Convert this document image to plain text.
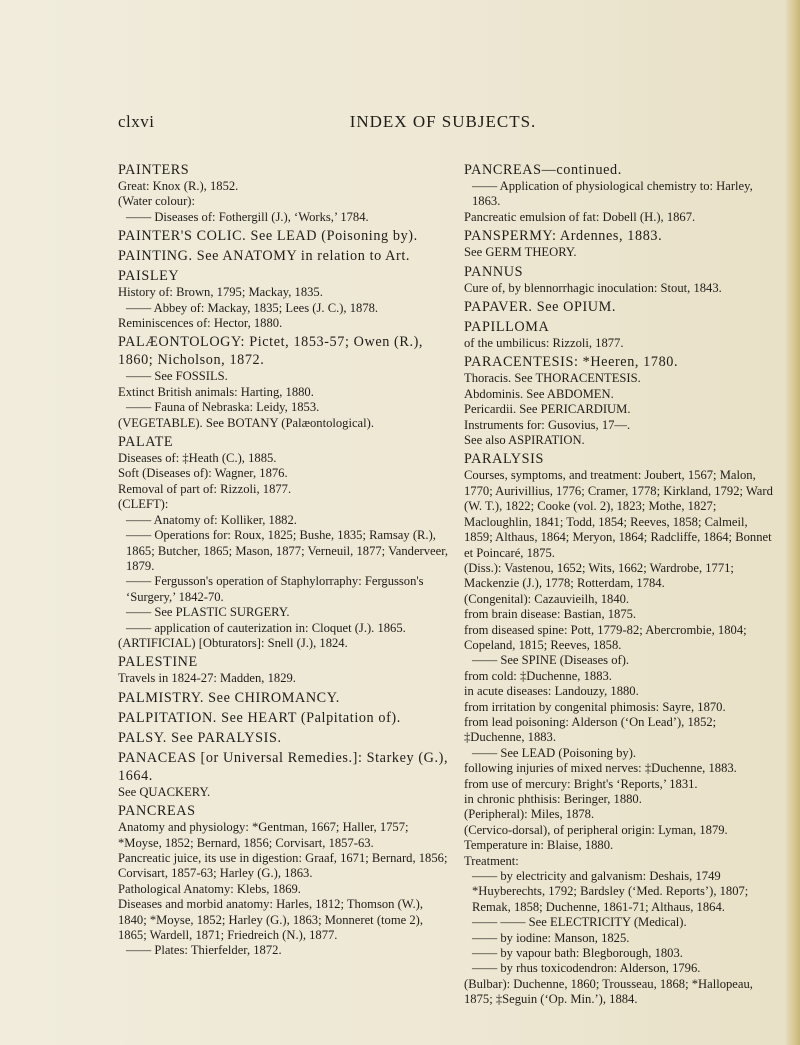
clxvi	INDEX OF SUBJECTS.
PAINTERS
Great: Knox (R.), 1852.
(Water colour):
—— Diseases of: Fothergill (J.), ‘Works,’ 1784.
PAINTER'S COLIC. See LEAD (Poisoning by).
PAINTING. See ANATOMY in relation to Art.
PAISLEY
History of: Brown, 1795; Mackay, 1835.
—— Abbey of: Mackay, 1835; Lees (J. C.), 1878.
Reminiscences of: Hector, 1880.
PALÆONTOLOGY: Pictet, 1853-57; Owen (R.), 1860; Nicholson, 1872.
—— See FOSSILS.
Extinct British animals: Harting, 1880.
—— Fauna of Nebraska: Leidy, 1853.
(VEGETABLE). See BOTANY (Palæontological).
PALATE
Diseases of: ‡Heath (C.), 1885.
Soft (Diseases of): Wagner, 1876.
Removal of part of: Rizzoli, 1877.
(CLEFT):
—— Anatomy of: Kolliker, 1882.
—— Operations for: Roux, 1825; Bushe, 1835; Ramsay (R.), 1865; Butcher, 1865; Mason, 1877; Verneuil, 1877; Vanderveer, 1879.
—— Fergusson's operation of Staphylorraphy: Fergusson's ‘Surgery,’ 1842-70.
—— See PLASTIC SURGERY.
—— application of cauterization in: Cloquet (J.). 1865.
(ARTIFICIAL) [Obturators]: Snell (J.), 1824.
PALESTINE
Travels in 1824-27: Madden, 1829.
PALMISTRY. See CHIROMANCY.
PALPITATION. See HEART (Palpitation of).
PALSY. See PARALYSIS.
PANACEAS [or Universal Remedies.]: Starkey (G.), 1664.
See QUACKERY.
PANCREAS
Anatomy and physiology: *Gentman, 1667; Haller, 1757; *Moyse, 1852; Bernard, 1856; Corvisart, 1857-63.
Pancreatic juice, its use in digestion: Graaf, 1671; Bernard, 1856; Corvisart, 1857-63; Harley (G.), 1863.
Pathological Anatomy: Klebs, 1869.
Diseases and morbid anatomy: Harles, 1812; Thomson (W.), 1840; *Moyse, 1852; Harley (G.), 1863; Monneret (tome 2), 1865; Wardell, 1871; Friedreich (N.), 1877.
—— Plates: Thierfelder, 1872.
PANCREAS—continued.
—— Application of physiological chemistry to: Harley, 1863.
Pancreatic emulsion of fat: Dobell (H.), 1867.
PANSPERMY: Ardennes, 1883.
See GERM THEORY.
PANNUS
Cure of, by blennorrhagic inoculation: Stout, 1843.
PAPAVER. See OPIUM.
PAPILLOMA
of the umbilicus: Rizzoli, 1877.
PARACENTESIS: *Heeren, 1780.
Thoracis. See THORACENTESIS.
Abdominis. See ABDOMEN.
Pericardii. See PERICARDIUM.
Instruments for: Gusovius, 17—.
See also ASPIRATION.
PARALYSIS
Courses, symptoms, and treatment: Joubert, 1567; Malon, 1770; Aurivillius, 1776; Cramer, 1778; Kirkland, 1792; Ward (W. T.), 1822; Cooke (vol. 2), 1823; Mothe, 1827; Macloughlin, 1841; Todd, 1854; Reeves, 1858; Calmeil, 1859; Althaus, 1864; Meryon, 1864; Radcliffe, 1864; Bonnet et Poincaré, 1875.
(Diss.): Vastenou, 1652; Wits, 1662; Wardrobe, 1771; Mackenzie (J.), 1778; Rotterdam, 1784.
(Congenital): Cazauvieilh, 1840.
from brain disease: Bastian, 1875.
from diseased spine: Pott, 1779-82; Abercrombie, 1804; Copeland, 1815; Reeves, 1858.
—— See SPINE (Diseases of).
from cold: ‡Duchenne, 1883.
in acute diseases: Landouzy, 1880.
from irritation by congenital phimosis: Sayre, 1870.
from lead poisoning: Alderson (‘On Lead’), 1852; ‡Duchenne, 1883.
—— See LEAD (Poisoning by).
following injuries of mixed nerves: ‡Duchenne, 1883.
from use of mercury: Bright's ‘Reports,’ 1831.
in chronic phthisis: Beringer, 1880.
(Peripheral): Miles, 1878.
(Cervico-dorsal), of peripheral origin: Lyman, 1879.
Temperature in: Blaise, 1880.
Treatment:
—— by electricity and galvanism: Deshais, 1749 *Huyberechts, 1792; Bardsley (‘Med. Reports’), 1807; Remak, 1858; Duchenne, 1861-71; Althaus, 1864.
—— —— See ELECTRICITY (Medical).
—— by iodine: Manson, 1825.
—— by vapour bath: Blegborough, 1803.
—— by rhus toxicodendron: Alderson, 1796.
(Bulbar): Duchenne, 1860; Trousseau, 1868; *Hallopeau, 1875; ‡Seguin (‘Op. Min.’), 1884.
